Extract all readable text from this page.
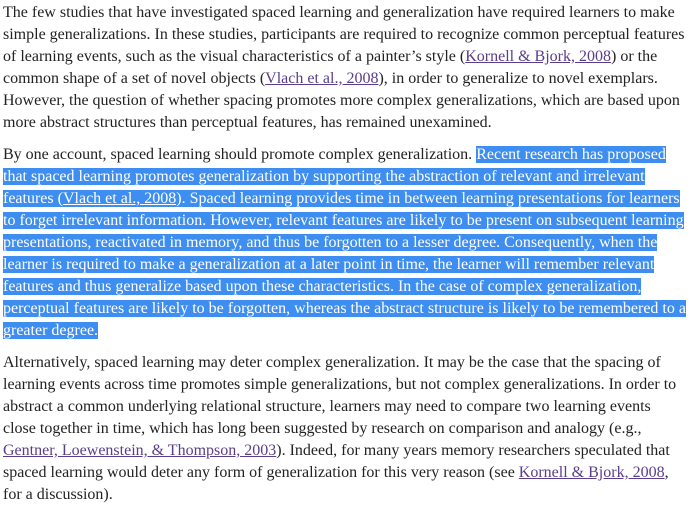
The few studies that have investigated spaced learning and generalization have required learners to make simple generalizations. In these studies, participants are required to recognize common perceptual features of learning events, such as the visual characteristics of a painter’s style (Kornell & Bjork, 2008) or the common shape of a set of novel objects (Vlach et al., 2008), in order to generalize to novel exemplars. However, the question of whether spacing promotes more complex generalizations, which are based upon more abstract structures than perceptual features, has remained unexamined.

By one account, spaced learning should promote complex generalization. Recent research has proposed that spaced learning promotes generalization by supporting the abstraction of relevant and irrelevant features (Vlach et al., 2008). Spaced learning provides time in between learning presentations for learners to forget irrelevant information. However, relevant features are likely to be present on subsequent learning presentations, reactivated in memory, and thus be forgotten to a lesser degree. Consequently, when the learner is required to make a generalization at a later point in time, the learner will remember relevant features and thus generalize based upon these characteristics. In the case of complex generalization, perceptual features are likely to be forgotten, whereas the abstract structure is likely to be remembered to a greater degree.

Alternatively, spaced learning may deter complex generalization. It may be the case that the spacing of learning events across time promotes simple generalizations, but not complex generalizations. In order to abstract a common underlying relational structure, learners may need to compare two learning events close together in time, which has long been suggested by research on comparison and analogy (e.g., Gentner, Loewenstein, & Thompson, 2003). Indeed, for many years memory researchers speculated that spaced learning would deter any form of generalization for this very reason (see Kornell & Bjork, 2008, for a discussion).
